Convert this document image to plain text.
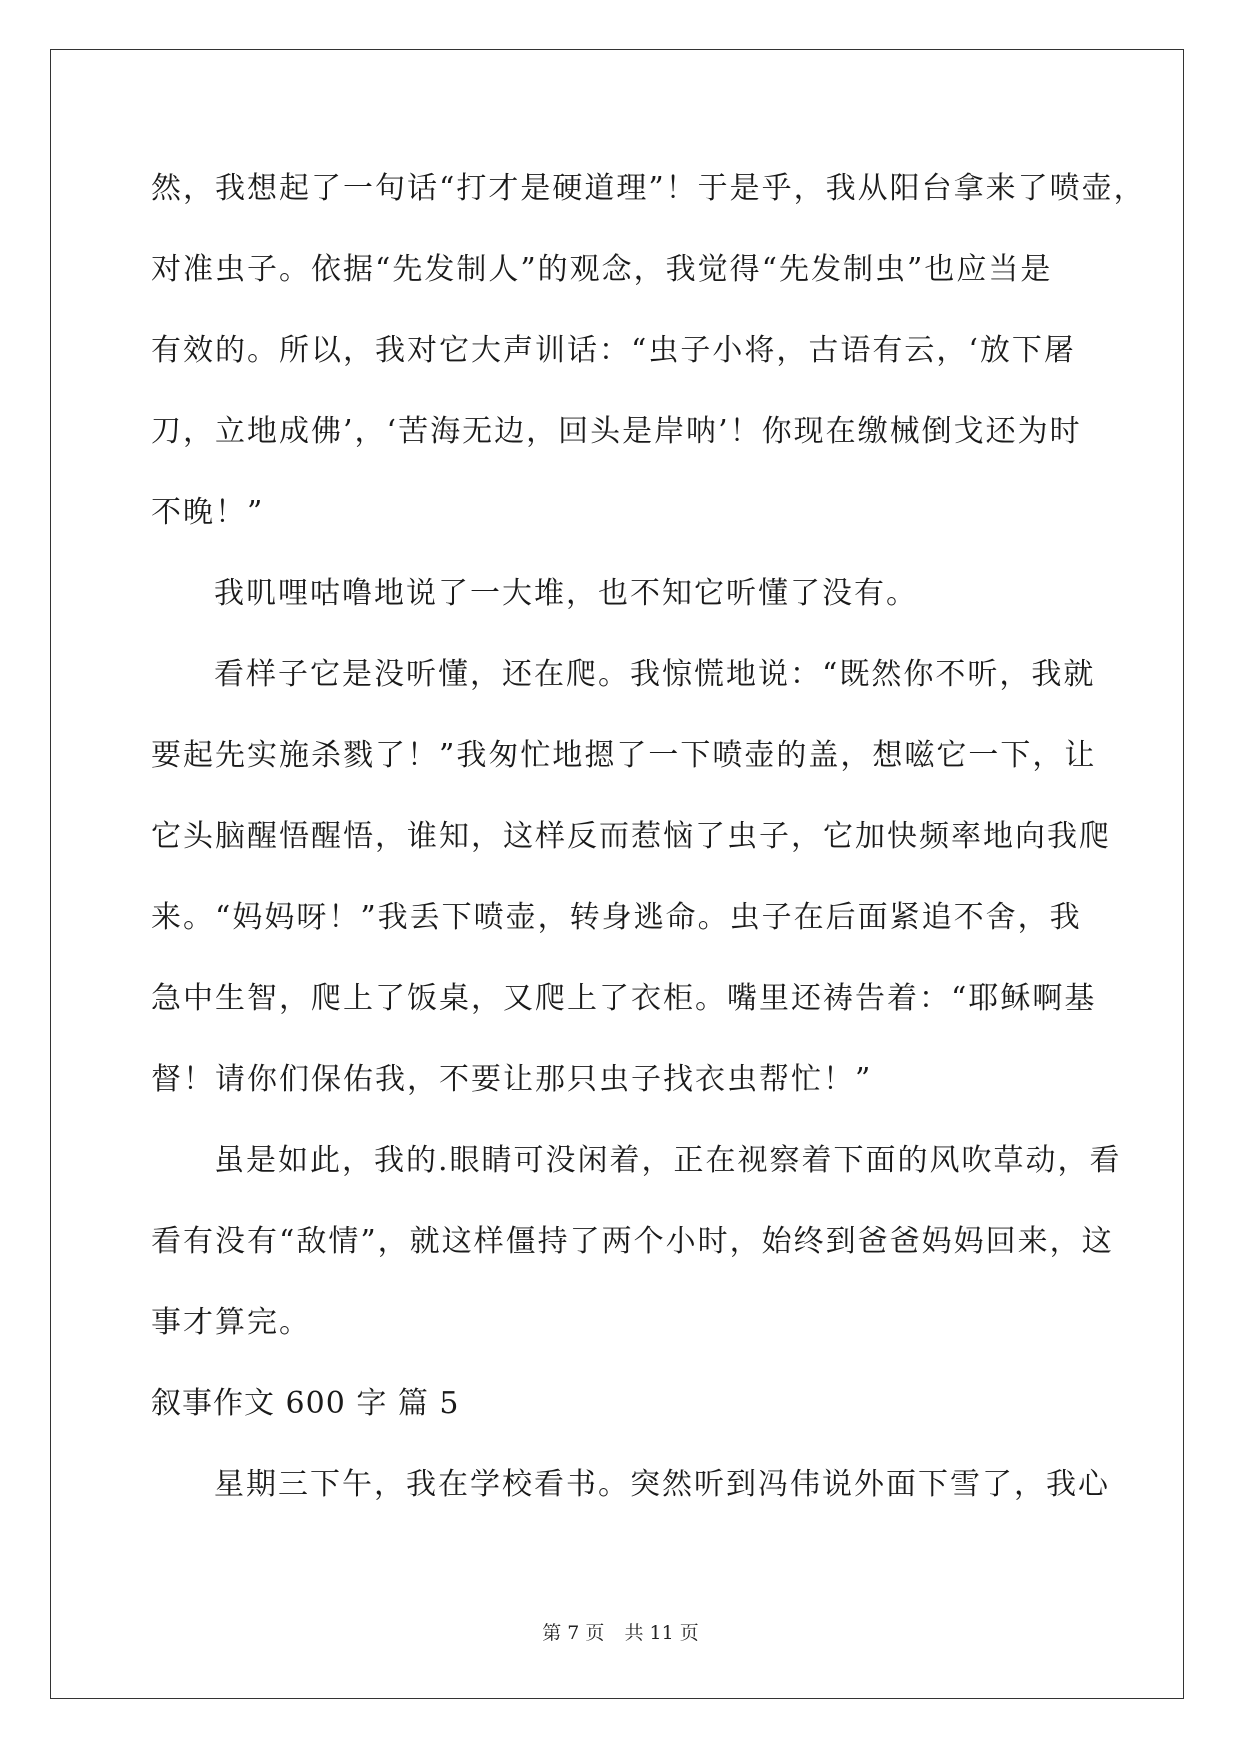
然，我想起了一句话“打才是硬道理”！于是乎，我从阳台拿来了喷壶，
对准虫子。依据“先发制人”的观念，我觉得“先发制虫”也应当是
有效的。所以，我对它大声训话：“虫子小将，古语有云，‘放下屠
刀，立地成佛’，‘苦海无边，回头是岸呐’！你现在缴械倒戈还为时
不晚！”
我叽哩咕噜地说了一大堆，也不知它听懂了没有。
看样子它是没听懂，还在爬。我惊慌地说：“既然你不听，我就
要起先实施杀戮了！”我匆忙地摁了一下喷壶的盖，想嗞它一下，让
它头脑醒悟醒悟，谁知，这样反而惹恼了虫子，它加快频率地向我爬
来。“妈妈呀！”我丢下喷壶，转身逃命。虫子在后面紧追不舍，我
急中生智，爬上了饭桌，又爬上了衣柜。嘴里还祷告着：“耶稣啊基
督！请你们保佑我，不要让那只虫子找衣虫帮忙！”
虽是如此，我的.眼睛可没闲着，正在视察着下面的风吹草动，看
看有没有“敌情”，就这样僵持了两个小时，始终到爸爸妈妈回来，这
事才算完。
叙事作文 600 字 篇 5
星期三下午，我在学校看书。突然听到冯伟说外面下雪了，我心
第 7 页 共 11 页
